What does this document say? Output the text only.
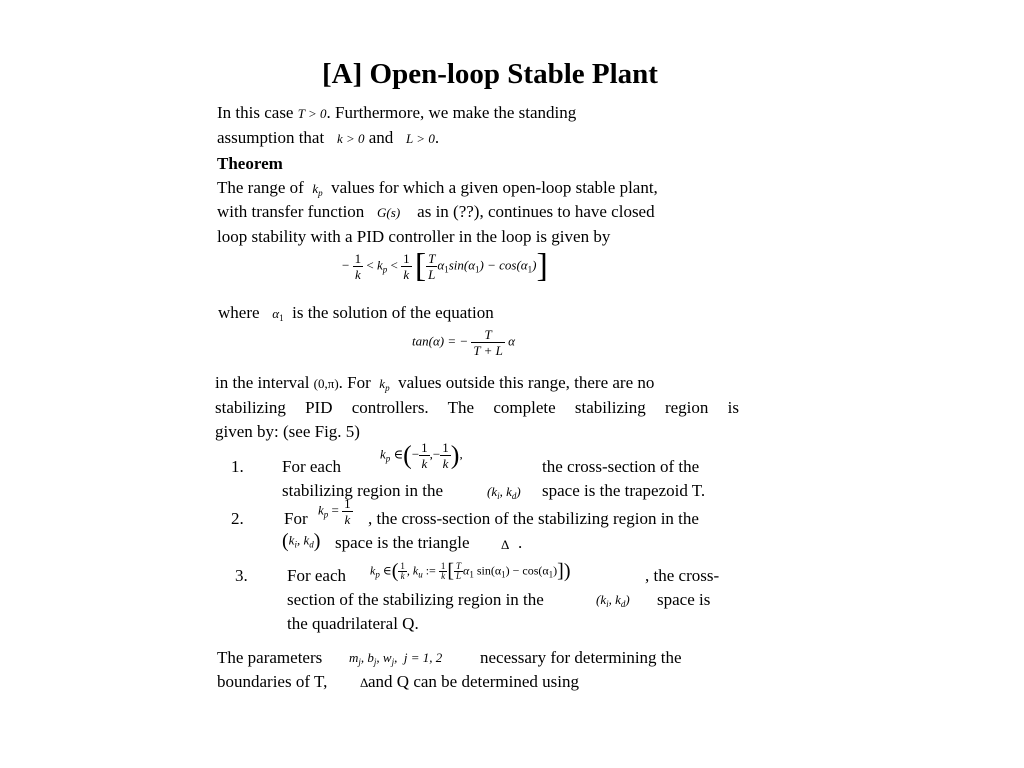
[A] Open-loop Stable Plant
In this case T > 0. Furthermore, we make the standing
assumption that k > 0 and L > 0.
Theorem
The range of $k_p$ values for which a given open-loop stable plant,
with transfer function G(s) as in (??), continues to have closed
loop stability with a PID controller in the loop is given by
− $\frac{1}{k} < k_p < \frac{1}{k}$ [ $\frac{T}{L} \alpha_1\sin(\alpha_1) - \cos(\alpha_1)$]
where $\alpha_1$ is the solution of the equation
tan(α) = − $\frac{T}{T + L}$ α
in the interval (0,π). For $k_p$ values outside this range, there are no
stabilizing PID controllers. The complete stabilizing region is
given by: (see Fig. 5)
1. For each
$k_p$ ∈(− $\frac{1}{k}$ ,− $\frac{1}{k}$ ),
the cross-section of the
stabilizing region in the	($k_i$, $k_d$) space is the trapezoid T.
2. For $k_p = \frac{1}{k}$ , the cross-section of the stabilizing region in the
($k_i$, $k_d$) space is the triangle Δ .
3. For each $k_p$ ∈( $\frac{1}{k}$ , $k_u$ := $\frac{1}{k}$ [ $\frac{T}{L} \alpha_1$ $\sin(\alpha_1) - \cos(\alpha_1)$])	, the cross-
section of the stabilizing region in the	($k_i$, $k_d$) space is
the quadrilateral Q.
The parameters $m_j$, $b_j$, $w_j$,  j = 1, 2 necessary for determining the
boundaries of T,	Δ and Q can be determined using
